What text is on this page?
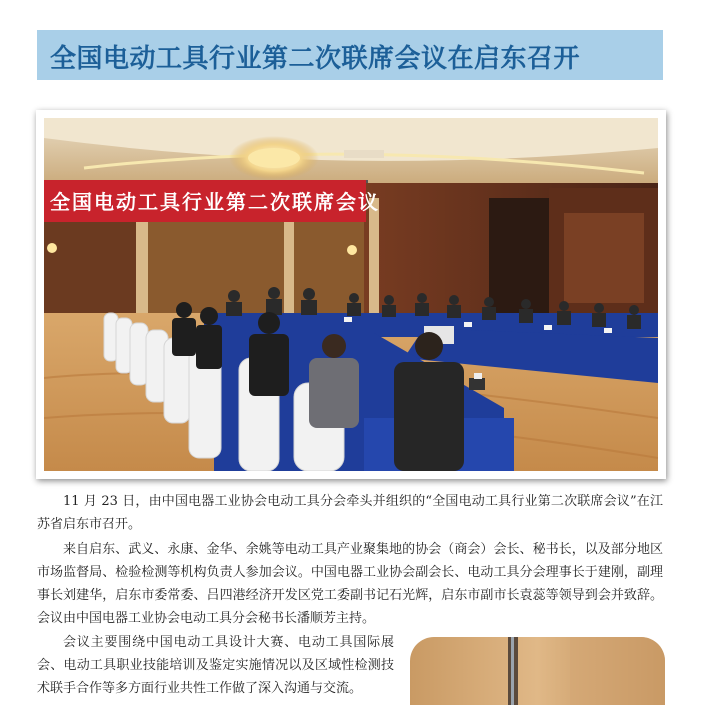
全国电动工具行业第二次联席会议在启东召开
全国电动工具行业第二次联席会议

11 月 23 日，由中国电器工业协会电动工具分会牵头并组织的“全国电动工具行业第二次联席会议”在江苏省启东市召开。

来自启东、武义、永康、金华、余姚等电动工具产业聚集地的协会（商会）会长、秘书长，以及部分地区市场监督局、检验检测等机构负责人参加会议。中国电器工业协会副会长、电动工具分会理事长于建刚，副理事长刘建华，启东市委常委、吕四港经济开发区党工委副书记石光辉，启东市副市长袁蕊等领导到会并致辞。会议由中国电器工业协会电动工具分会秘书长潘顺芳主持。

会议主要围绕中国电动工具设计大赛、电动工具国际展会、电动工具职业技能培训及鉴定实施情况以及区域性检测技术联手合作等多方面行业共性工作做了深入沟通与交流。
